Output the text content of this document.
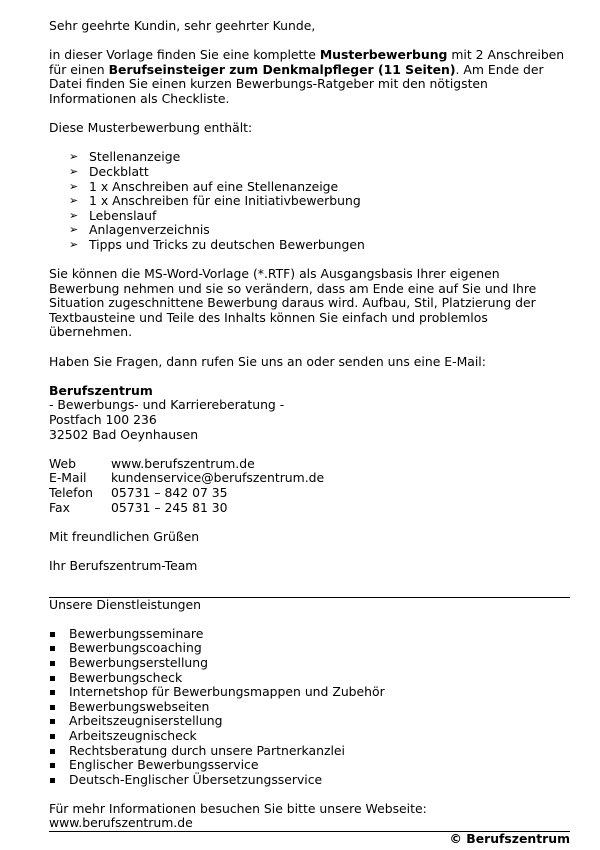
Sehr geehrte Kundin, sehr geehrter Kunde,

in dieser Vorlage finden Sie eine komplette Musterbewerbung mit 2 Anschreiben für einen Berufseinsteiger zum Denkmalpfleger (11 Seiten). Am Ende der Datei finden Sie einen kurzen Bewerbungs-Ratgeber mit den nötigsten Informationen als Checkliste.

Diese Musterbewerbung enthält:

➢ Stellenanzeige
➢ Deckblatt
➢ 1 x Anschreiben auf eine Stellenanzeige
➢ 1 x Anschreiben für eine Initiativbewerbung
➢ Lebenslauf
➢ Anlagenverzeichnis
➢ Tipps und Tricks zu deutschen Bewerbungen

Sie können die MS-Word-Vorlage (*.RTF) als Ausgangsbasis Ihrer eigenen Bewerbung nehmen und sie so verändern, dass am Ende eine auf Sie und Ihre Situation zugeschnittene Bewerbung daraus wird. Aufbau, Stil, Platzierung der Textbausteine und Teile des Inhalts können Sie einfach und problemlos übernehmen.

Haben Sie Fragen, dann rufen Sie uns an oder senden uns eine E-Mail:

Berufszentrum

- Bewerbungs- und Karriereberatung -

Postfach 100 236

32502 Bad Oeynhausen

Web	www.berufszentrum.de
E-Mail	kundenservice@berufszentrum.de
Telefon	05731 – 842 07 35
Fax	05731 – 245 81 30

Mit freundlichen Grüßen

Ihr Berufszentrum-Team

Unsere Dienstleistungen

Bewerbungsseminare
Bewerbungscoaching
Bewerbungserstellung
Bewerbungscheck
Internetshop für Bewerbungsmappen und Zubehör
Bewerbungswebseiten
Arbeitszeugniserstellung
Arbeitszeugnischeck
Rechtsberatung durch unsere Partnerkanzlei
Englischer Bewerbungsservice
Deutsch-Englischer Übersetzungsservice

Für mehr Informationen besuchen Sie bitte unsere Webseite: www.berufszentrum.de

© Berufszentrum
